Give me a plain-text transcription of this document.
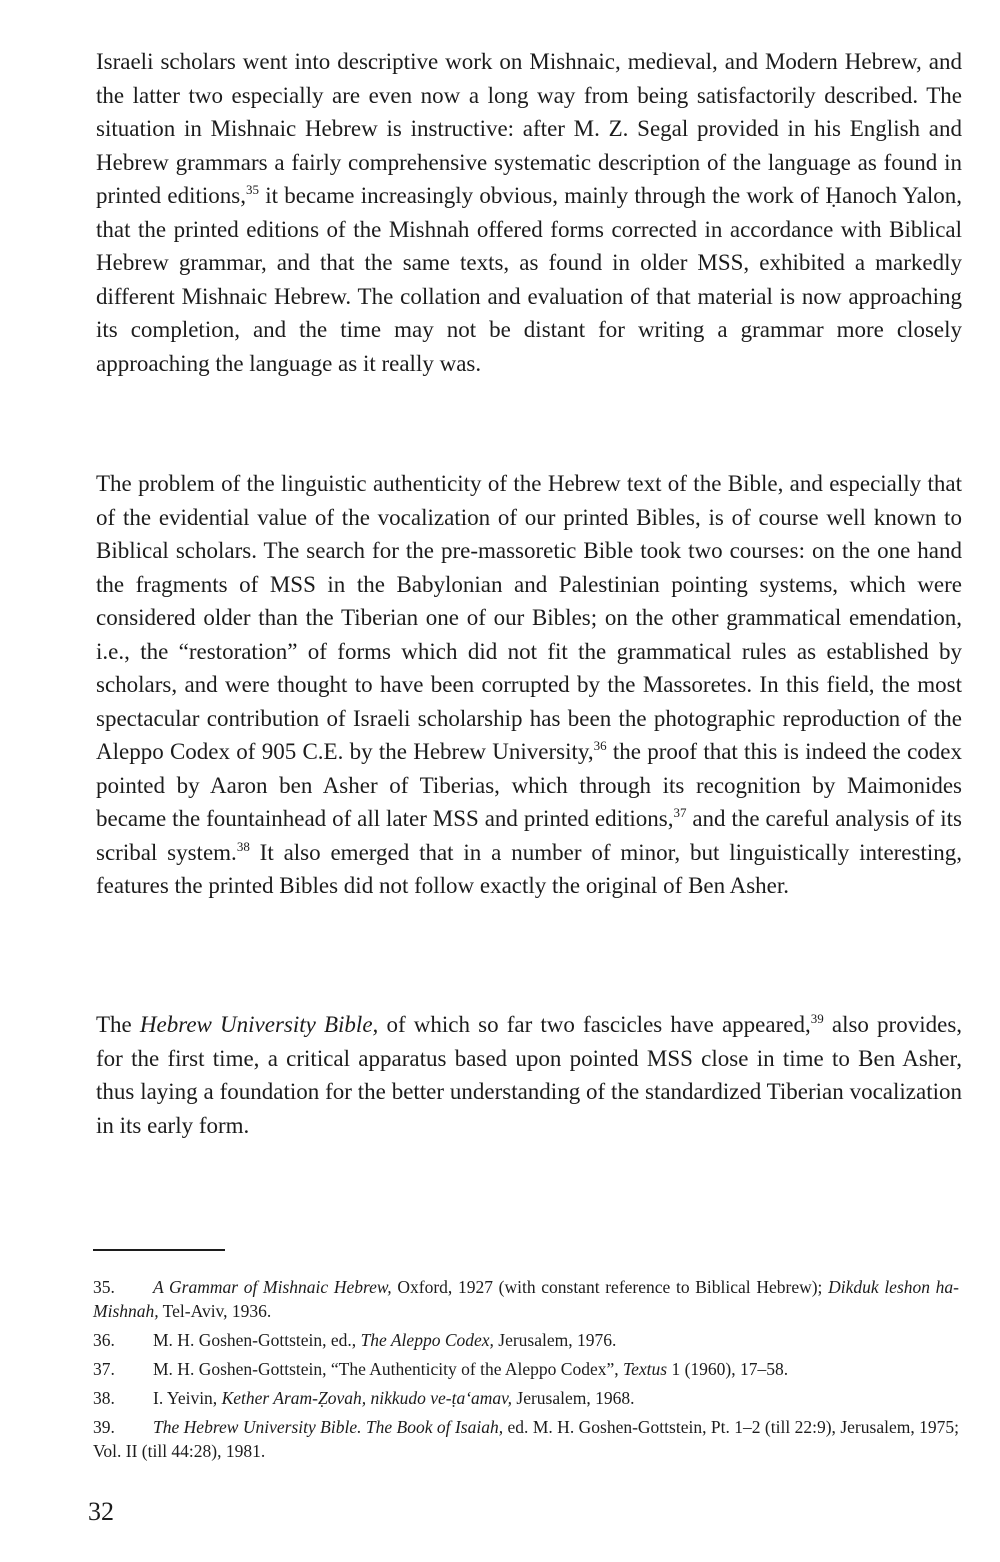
Israeli scholars went into descriptive work on Mishnaic, medieval, and Modern Hebrew, and the latter two especially are even now a long way from being satisfactorily described. The situation in Mishnaic Hebrew is instructive: after M. Z. Segal provided in his English and Hebrew grammars a fairly comprehensive systematic description of the language as found in printed editions,$^{35}$ it became increasingly obvious, mainly through the work of Ḥanoch Yalon, that the printed editions of the Mishnah offered forms corrected in accordance with Biblical Hebrew grammar, and that the same texts, as found in older MSS, exhibited a markedly different Mishnaic Hebrew. The collation and evaluation of that material is now approaching its completion, and the time may not be distant for writing a grammar more closely approaching the language as it really was.

The problem of the linguistic authenticity of the Hebrew text of the Bible, and especially that of the evidential value of the vocalization of our printed Bibles, is of course well known to Biblical scholars. The search for the pre-massoretic Bible took two courses: on the one hand the fragments of MSS in the Babylonian and Palestinian pointing systems, which were considered older than the Tiberian one of our Bibles; on the other grammatical emendation, i.e., the “restoration” of forms which did not fit the grammatical rules as established by scholars, and were thought to have been corrupted by the Massoretes. In this field, the most spectacular contribution of Israeli scholarship has been the photographic reproduction of the Aleppo Codex of 905 C.E. by the Hebrew University,$^{36}$ the proof that this is indeed the codex pointed by Aaron ben Asher of Tiberias, which through its recognition by Maimonides became the fountainhead of all later MSS and printed editions,$^{37}$ and the careful analysis of its scribal system.$^{38}$ It also emerged that in a number of minor, but linguistically interesting, features the printed Bibles did not follow exactly the original of Ben Asher.

The Hebrew University Bible, of which so far two fascicles have appeared,$^{39}$ also provides, for the first time, a critical apparatus based upon pointed MSS close in time to Ben Asher, thus laying a foundation for the better understanding of the standardized Tiberian vocalization in its early form.

35. A Grammar of Mishnaic Hebrew, Oxford, 1927 (with constant reference to Biblical Hebrew); Dikduk leshon ha-Mishnah, Tel-Aviv, 1936.

36. M. H. Goshen-Gottstein, ed., The Aleppo Codex, Jerusalem, 1976.

37. M. H. Goshen-Gottstein, “The Authenticity of the Aleppo Codex”, Textus 1 (1960), 17–58.

38. I. Yeivin, Kether Aram-Ẓovah, nikkudo ve-ṭa‘amav, Jerusalem, 1968.

39. The Hebrew University Bible. The Book of Isaiah, ed. M. H. Goshen-Gottstein, Pt. 1–2 (till 22:9), Jerusalem, 1975; Vol. II (till 44:28), 1981.

32
